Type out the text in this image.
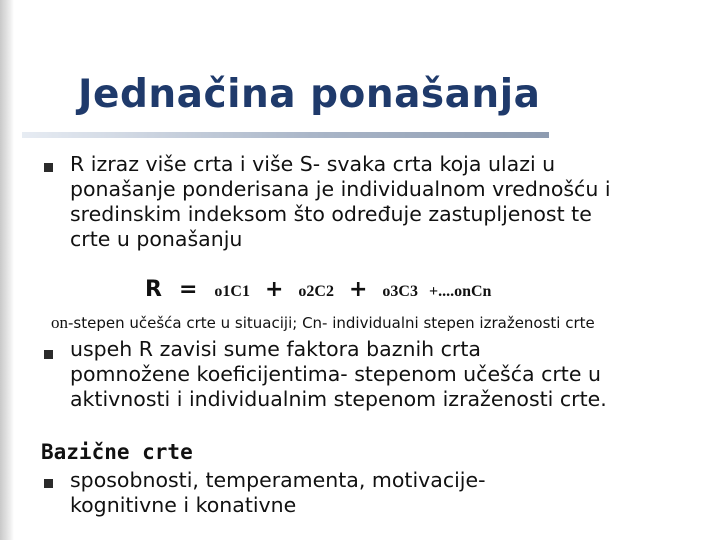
Jednačina ponašanja
R izraz više crta i više S- svaka crta koja ulazi u
ponašanje ponderisana je individualnom vrednošću i
sredinskim indeksom što određuje zastupljenost te
crte u ponašanju
R = o1C1 + o2C2 + o3C3 +....onCn
on-stepen učešća crte u situaciji; Cn- individualni stepen izraženosti crte
uspeh R zavisi sume faktora baznih crta
pomnožene koeficijentima- stepenom učešća crte u
aktivnosti i individualnim stepenom izraženosti crte.
Bazične crte
sposobnosti, temperamenta, motivacije-
kognitivne i konativne
